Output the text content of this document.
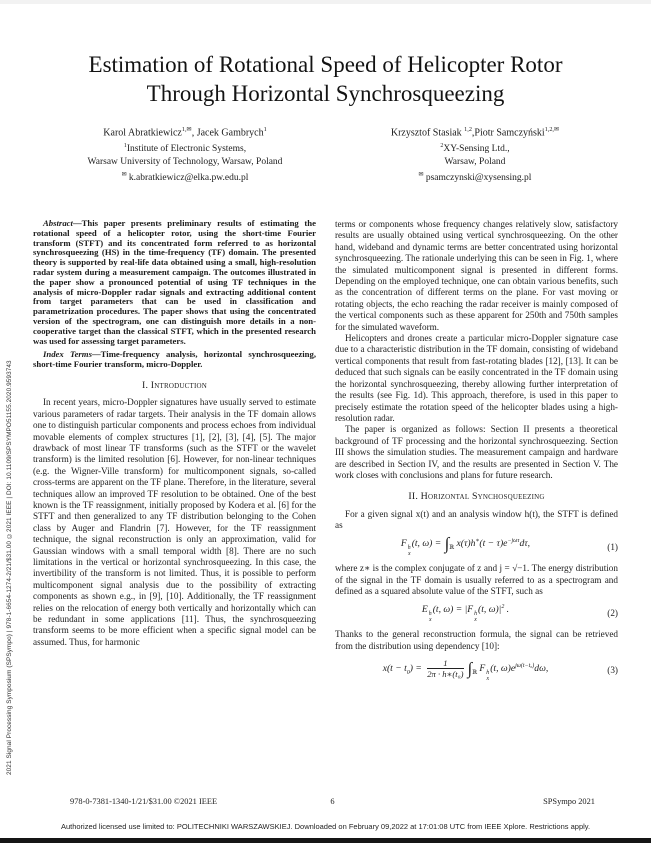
2021 Signal Processing Symposium (SPSympo) | 978-1-6654-1274-2/21/$31.00 ©2021 IEEE | DOI: 10.1109/SPSYMPO51155.2020.9593743
Estimation of Rotational Speed of Helicopter Rotor
Through Horizontal Synchrosqueezing
Karol Abratkiewicz$^{1,✉}$, Jacek Gambrych$^1$
$^1$Institute of Electronic Systems,
Warsaw University of Technology, Warsaw, Poland
✉ k.abratkiewicz@elka.pw.edu.pl
Krzysztof Stasiak $^{1,2}$,Piotr Samczyński$^{1,2,✉}$
$^2$XY-Sensing Ltd.,
Warsaw, Poland
✉ psamczynski@xysensing.pl

Abstract—This paper presents preliminary results of estimating the rotational speed of a helicopter rotor, using the short-time Fourier transform (STFT) and its concentrated form referred to as horizontal synchrosqueezing (HS) in the time-frequency (TF) domain. The presented theory is supported by real-life data obtained using a small, high-resolution radar system during a measurement campaign. The outcomes illustrated in the paper show a pronounced potential of using TF techniques in the analysis of micro-Doppler radar signals and extracting additional content from target parameters that can be used in classification and parametrization procedures. The paper shows that using the concentrated version of the spectrogram, one can distinguish more details in a non-cooperative target than the classical STFT, which in the presented research was used for assessing target parameters.

Index Terms—Time-frequency analysis, horizontal synchrosqueezing, short-time Fourier transform, micro-Doppler.

I. Introduction

In recent years, micro-Doppler signatures have usually served to estimate various parameters of radar targets. Their analysis in the TF domain allows one to distinguish particular components and process echoes from individual movable elements of complex structures [1], [2], [3], [4], [5]. The major drawback of most linear TF transforms (such as the STFT or the wavelet transform) is the limited resolution [6]. However, for non-linear techniques (e.g. the Wigner-Ville transform) for multicomponent signals, so-called cross-terms are apparent on the TF plane. Therefore, in the literature, several techniques allow an improved TF resolution to be obtained. One of the best known is the TF reassignment, initially proposed by Kodera et al. [6] for the STFT and then generalized to any TF distribution belonging to the Cohen class by Auger and Flandrin [7]. However, for the TF reassignment technique, the signal reconstruction is only an approximation, valid for Gaussian windows with a small temporal width [8]. There are no such limitations in the vertical or horizontal synchrosqueezing. In this case, the invertibility of the transform is not limited. Thus, it is possible to perform multicomponent signal analysis due to the possibility of extracting components as shown e.g., in [9], [10]. Additionally, the TF reassignment relies on the relocation of energy both vertically and horizontally which can be redundant in some applications [11]. Thus, the synchrosqueezing transform seems to be more efficient when a specific signal model can be assumed. Thus, for harmonic

terms or components whose frequency changes relatively slow, satisfactory results are usually obtained using vertical synchrosqueezing. On the other hand, wideband and dynamic terms are better concentrated using horizontal synchrosqueezing. The rationale underlying this can be seen in Fig. 1, where the simulated multicomponent signal is presented in different forms. Depending on the employed technique, one can obtain various benefits, such as the concentration of different terms on the plane. For vast moving or rotating objects, the echo reaching the radar receiver is mainly composed of the vertical components such as these apparent for 250th and 750th samples for the simulated waveform.

Helicopters and drones create a particular micro-Doppler signature case due to a characteristic distribution in the TF domain, consisting of wideband vertical components that result from fast-rotating blades [12], [13]. It can be deduced that such signals can be easily concentrated in the TF domain using the horizontal synchrosqueezing, thereby allowing further interpretation of the results (see Fig. 1d). This approach, therefore, is used in this paper to precisely estimate the rotation speed of the helicopter blades using a high-resolution radar.

The paper is organized as follows: Section II presents a theoretical background of TF processing and the horizontal synchrosqueezing. Section III shows the simulation studies. The measurement campaign and hardware are described in Section IV, and the results are presented in Section V. The work closes with conclusions and plans for future research.

II. Horizontal Synchosqueezing

For a given signal x(t) and an analysis window h(t), the STFT is defined as

F h
x
(t, $\omega) = \int_ℝ$ $x(\tau)h^∗(t - \tau)e^{-j\omega\tau}d\tau$,	(1)

where z∗ is the complex conjugate of z and j = √−1. The energy distribution of the signal in the TF domain is usually referred to as a spectrogram and defined as a squared absolute value of the STFT, such as

E h
x
(t, ω) = |F h
x
(t, $\omega)|^2$ .	(2)

Thanks to the general reconstruction formula, the signal can be retrieved from the distribution using dependency [10]:

$x(t - t_0) = \frac{1}{\text{2π · h∗(t₀)}} \int_ℝ$ F h
x
(t, $\omega)e^{j\omega(t-t_0)}d\omega$,	(3)
978-0-7381-1340-1/21/$31.00 ©2021 IEEE	6	SPSympo 2021
Authorized licensed use limited to: POLITECHNIKI WARSZAWSKIEJ. Downloaded on February 09,2022 at 17:01:08 UTC from IEEE Xplore. Restrictions apply.
